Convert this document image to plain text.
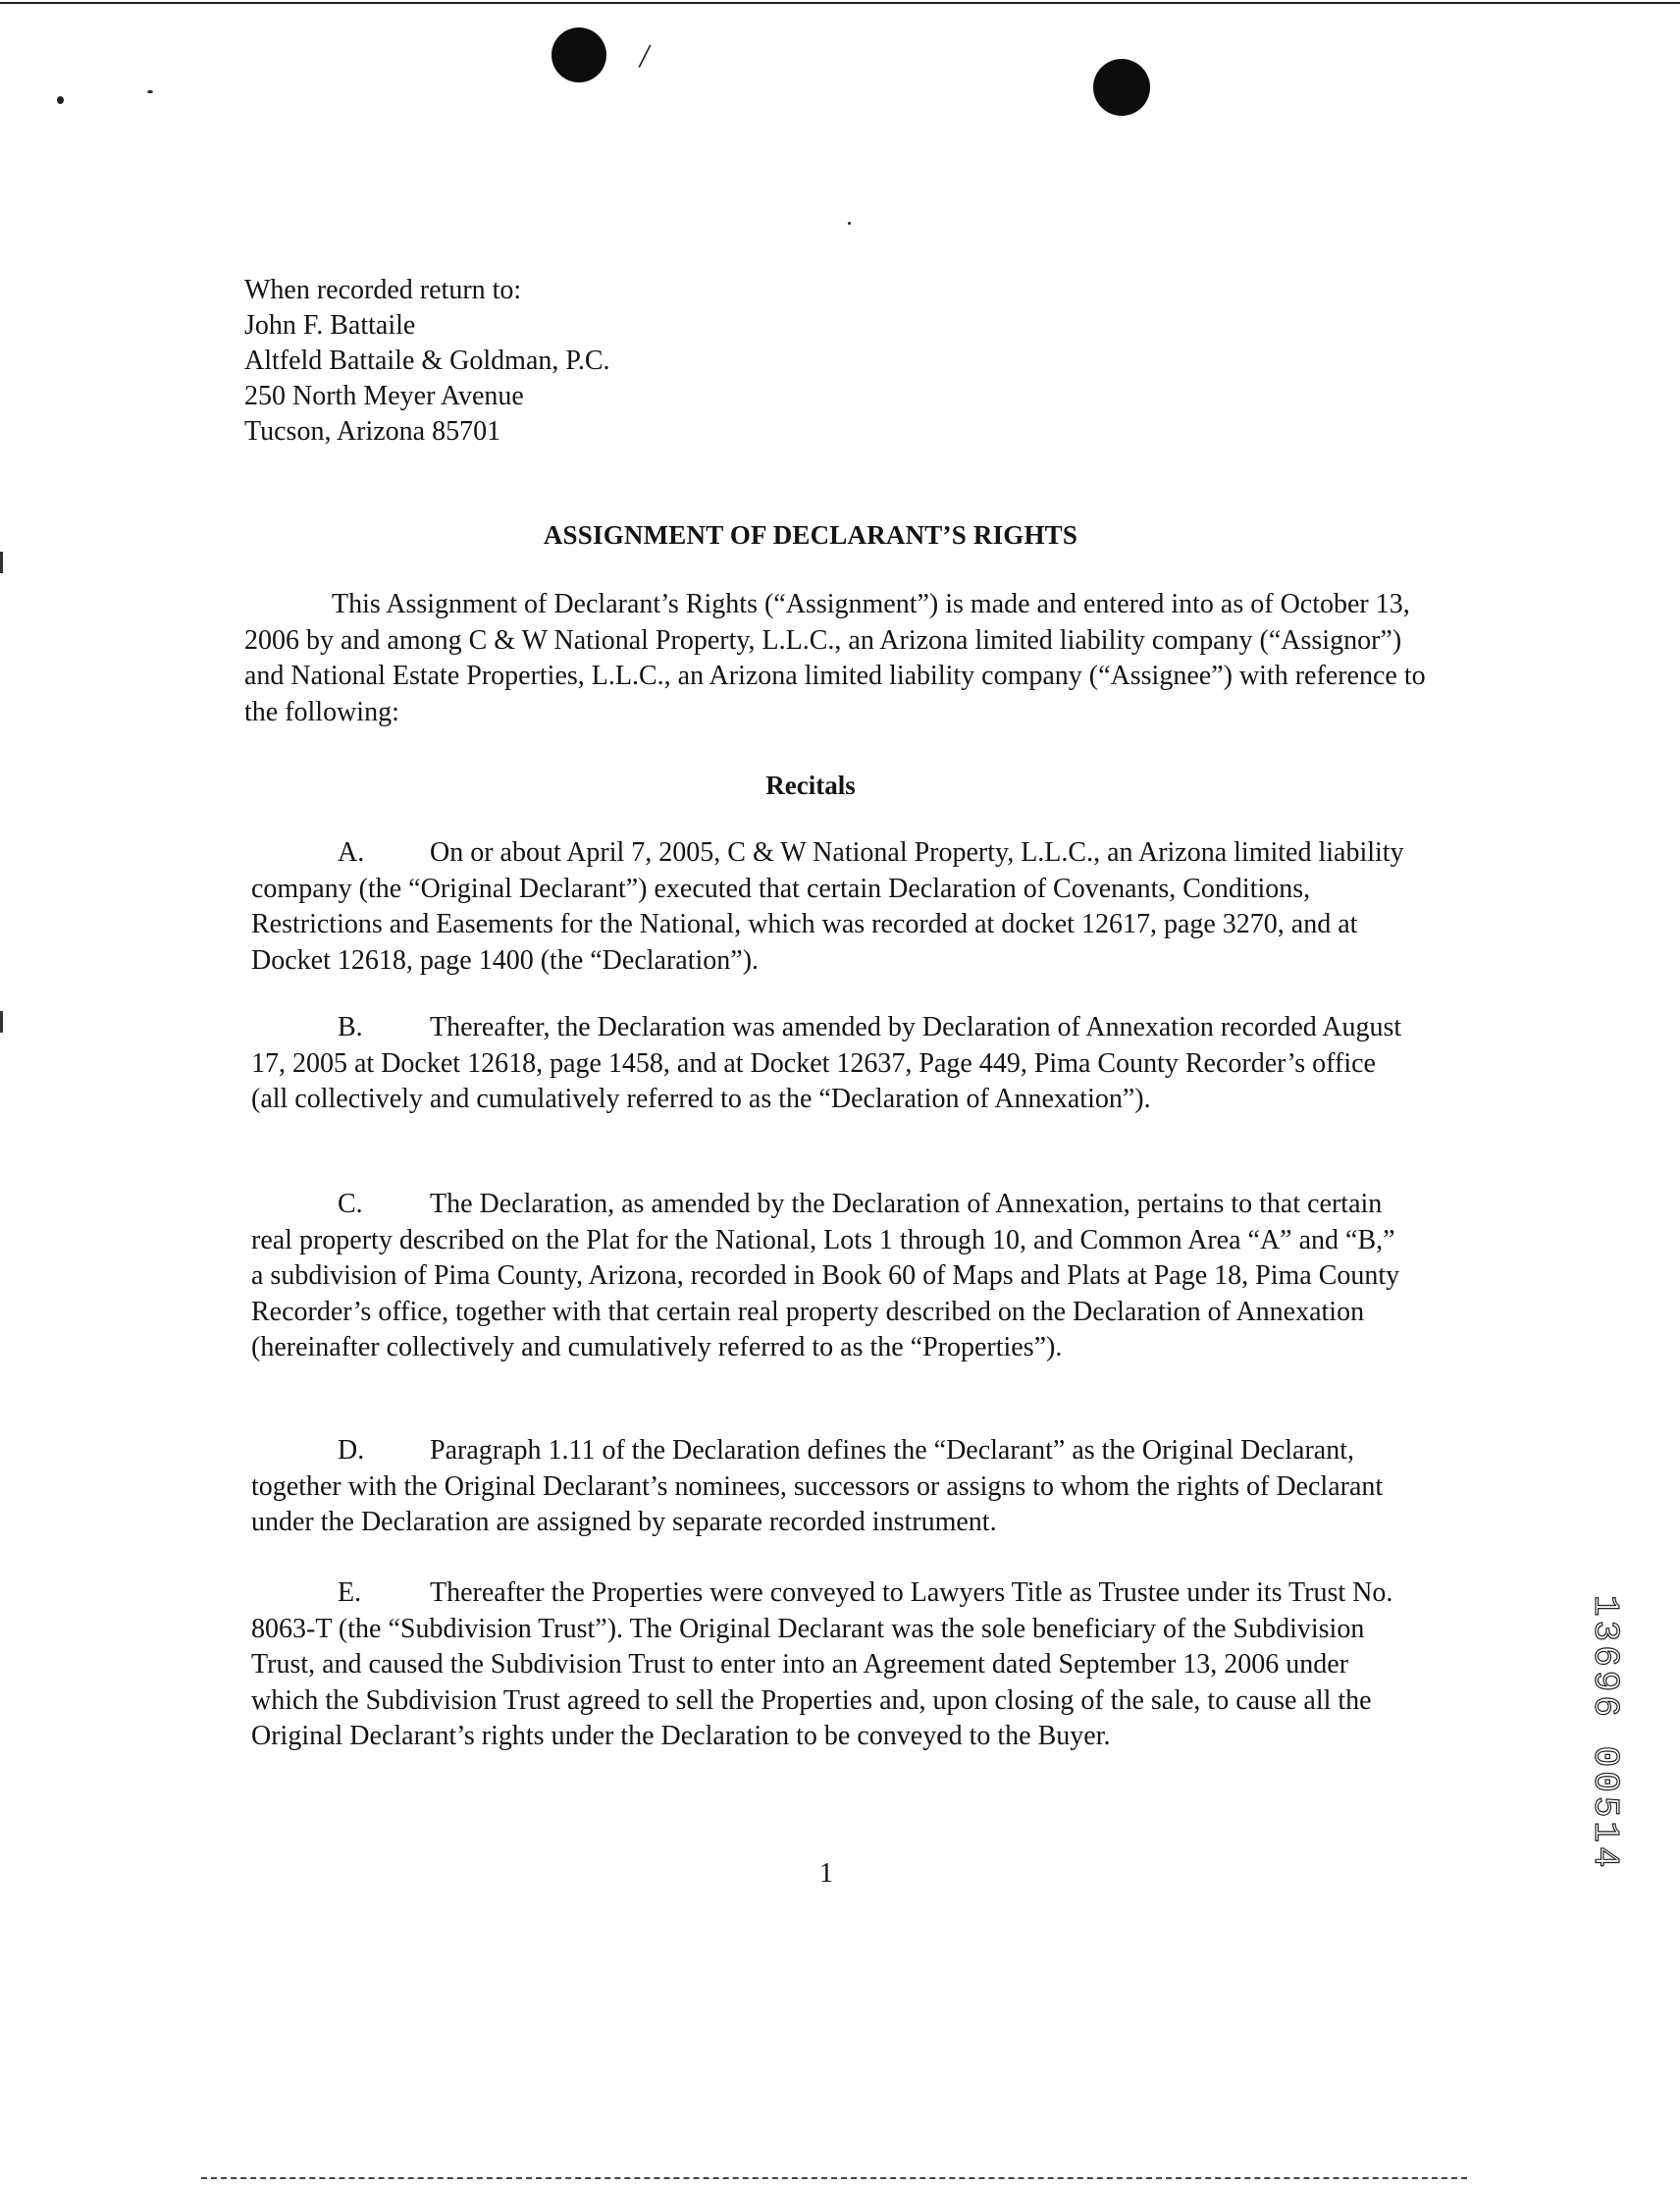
/
When recorded return to:
John F. Battaile
Altfeld Battaile & Goldman, P.C.
250 North Meyer Avenue
Tucson, Arizona 85701
ASSIGNMENT OF DECLARANT’S RIGHTS

This Assignment of Declarant’s Rights (“Assignment”) is made and entered into as of October 13, 2006 by and among C & W National Property, L.L.C., an Arizona limited liability company (“Assignor”) and National Estate Properties, L.L.C., an Arizona limited liability company (“Assignee”) with reference to the following:

Recitals
A.	On or about April 7, 2005, C & W National Property, L.L.C., an Arizona limited liability company (the “Original Declarant”) executed that certain Declaration of Covenants, Conditions, Restrictions and Easements for the National, which was recorded at docket 12617, page 3270, and at Docket 12618, page 1400 (the “Declaration”).
B.	Thereafter, the Declaration was amended by Declaration of Annexation recorded August 17, 2005 at Docket 12618, page 1458, and at Docket 12637, Page 449, Pima County Recorder’s office (all collectively and cumulatively referred to as the “Declaration of Annexation”).
C.	The Declaration, as amended by the Declaration of Annexation, pertains to that certain real property described on the Plat for the National, Lots 1 through 10, and Common Area “A” and “B,” a subdivision of Pima County, Arizona, recorded in Book 60 of Maps and Plats at Page 18, Pima County Recorder’s office, together with that certain real property described on the Declaration of Annexation (hereinafter collectively and cumulatively referred to as the “Properties”).
D.	Paragraph 1.11 of the Declaration defines the “Declarant” as the Original Declarant, together with the Original Declarant’s nominees, successors or assigns to whom the rights of Declarant under the Declaration are assigned by separate recorded instrument.
E.	Thereafter the Properties were conveyed to Lawyers Title as Trustee under its Trust No. 8063-T (the “Subdivision Trust”). The Original Declarant was the sole beneficiary of the Subdivision Trust, and caused the Subdivision Trust to enter into an Agreement dated September 13, 2006 under which the Subdivision Trust agreed to sell the Properties and, upon closing of the sale, to cause all the Original Declarant’s rights under the Declaration to be conveyed to the Buyer.
1
13696 00514
